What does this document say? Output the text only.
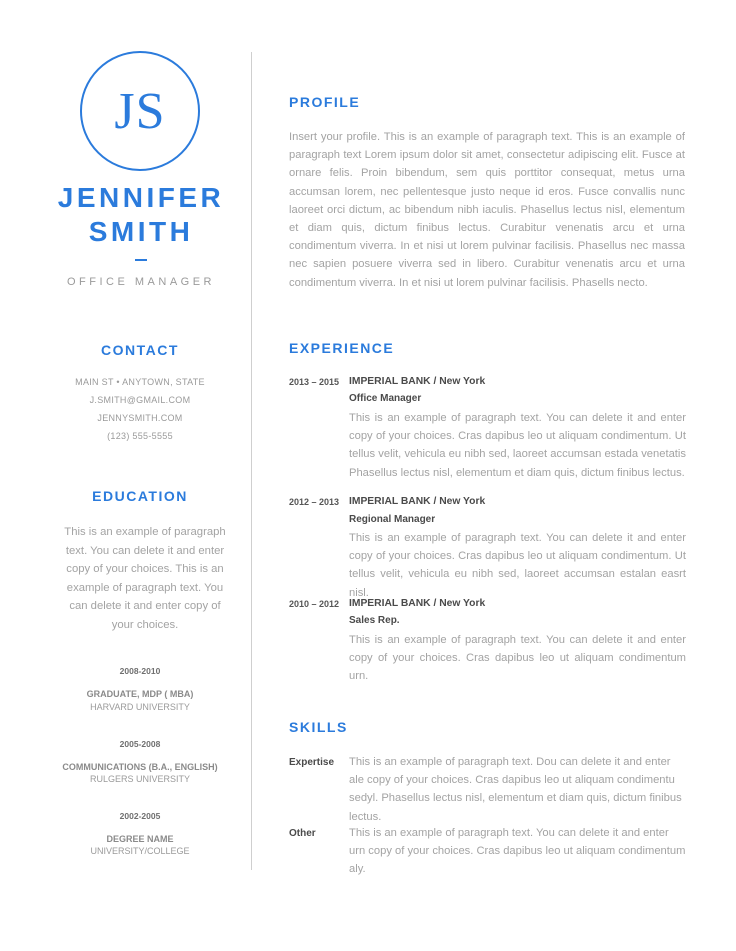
JS
JENNIFER
SMITH
OFFICE MANAGER
CONTACT
MAIN ST • ANYTOWN, STATE
J.SMITH@GMAIL.COM
JENNYSMITH.COM
(123) 555-5555
EDUCATION
This is an example of paragraph text. You can delete it and enter copy of your choices. This is an example of paragraph text. You can delete it and enter copy of your choices.
2008-2010
GRADUATE, MDP ( MBA)
HARVARD UNIVERSITY
2005-2008
COMMUNICATIONS (B.A., ENGLISH)
RULGERS UNIVERSITY
2002-2005
DEGREE NAME
UNIVERSITY/COLLEGE
PROFILE
Insert your profile. This is an example of paragraph text. This is an example of paragraph text Lorem ipsum dolor sit amet, consectetur adipiscing elit. Fusce at ornare felis. Proin bibendum, sem quis porttitor consequat, metus urna accumsan lorem, nec pellentesque justo neque id eros. Fusce convallis nunc laoreet orci dictum, ac bibendum nibh iaculis. Phasellus lectus nisl, elementum et diam quis, dictum finibus lectus. Curabitur venenatis arcu et urna condimentum viverra. In et nisi ut lorem pulvinar facilisis. Phasellus nec massa nec sapien posuere viverra sed in libero. Curabitur venenatis arcu et urna condimentum viverra. In et nisi ut lorem pulvinar facilisis. Phasells necto.
EXPERIENCE
2013 – 2015 IMPERIAL BANK / New York
Office Manager
This is an example of paragraph text. You can delete it and enter copy of your choices. Cras dapibus leo ut aliquam condimentum. Ut tellus velit, vehicula eu nibh sed, laoreet accumsan estada venetatis Phasellus lectus nisl, elementum et diam quis, dictum finibus lectus.
2012 – 2013 IMPERIAL BANK / New York
Regional Manager
This is an example of paragraph text. You can delete it and enter copy of your choices. Cras dapibus leo ut aliquam condimentum. Ut tellus velit, vehicula eu nibh sed, laoreet accumsan estalan easrt nisl.
2010 – 2012 IMPERIAL BANK / New York
Sales Rep.
This is an example of paragraph text. You can delete it and enter copy of your choices. Cras dapibus leo ut aliquam condimentum urn.
SKILLS
Expertise This is an example of paragraph text. Dou can delete it and enter ale copy of your choices. Cras dapibus leo ut aliquam condimentu sedyl. Phasellus lectus nisl, elementum et diam quis, dictum finibus lectus.
Other	This is an example of paragraph text. You can delete it and enter urn copy of your choices. Cras dapibus leo ut aliquam condimentum aly.
